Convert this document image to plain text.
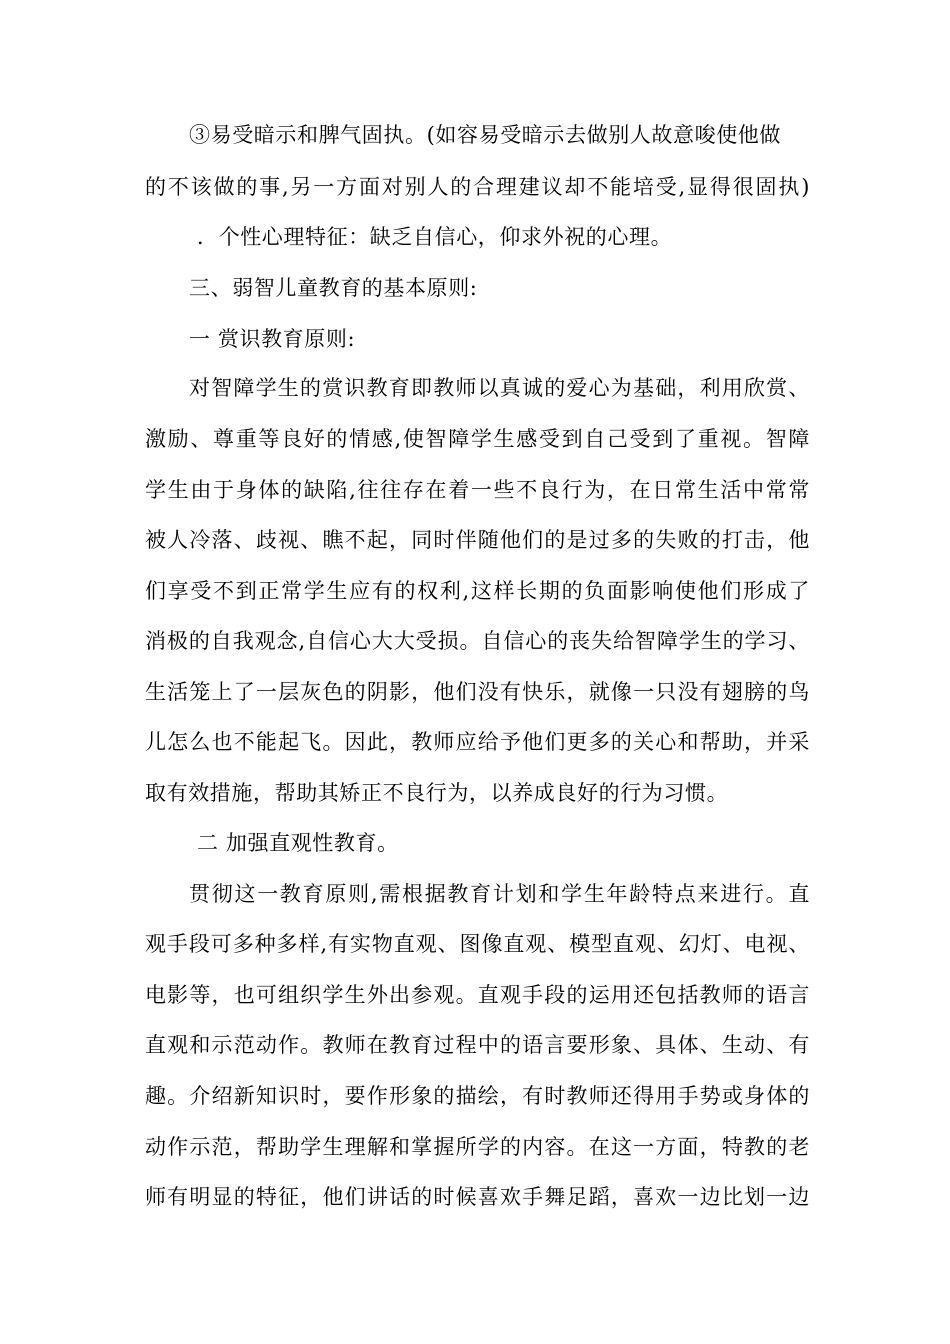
③易受暗示和脾气固执。(如容易受暗示去做别人故意唆使他做
的不该做的事,另一方面对别人的合理建议却不能培受,显得很固执)
．个性心理特征：缺乏自信心，仰求外祝的心理。
三、弱智儿童教育的基本原则:
一 赏识教育原则:
对智障学生的赏识教育即教师以真诚的爱心为基础，利用欣赏、
激励、尊重等良好的情感,使智障学生感受到自己受到了重视。智障
学生由于身体的缺陷,往往存在着一些不良行为，在日常生活中常常
被人冷落、歧视、瞧不起，同时伴随他们的是过多的失败的打击，他
们享受不到正常学生应有的权利,这样长期的负面影响使他们形成了
消极的自我观念,自信心大大受损。自信心的丧失给智障学生的学习、
生活笼上了一层灰色的阴影，他们没有快乐，就像一只没有翅膀的鸟
儿怎么也不能起飞。因此，教师应给予他们更多的关心和帮助，并采
取有效措施，帮助其矫正不良行为，以养成良好的行为习惯。
二 加强直观性教育。
贯彻这一教育原则,需根据教育计划和学生年龄特点来进行。直
观手段可多种多样,有实物直观、图像直观、模型直观、幻灯、电视、
电影等，也可组织学生外出参观。直观手段的运用还包括教师的语言
直观和示范动作。教师在教育过程中的语言要形象、具体、生动、有
趣。介绍新知识时，要作形象的描绘，有时教师还得用手势或身体的
动作示范，帮助学生理解和掌握所学的内容。在这一方面，特教的老
师有明显的特征，他们讲话的时候喜欢手舞足蹈，喜欢一边比划一边
